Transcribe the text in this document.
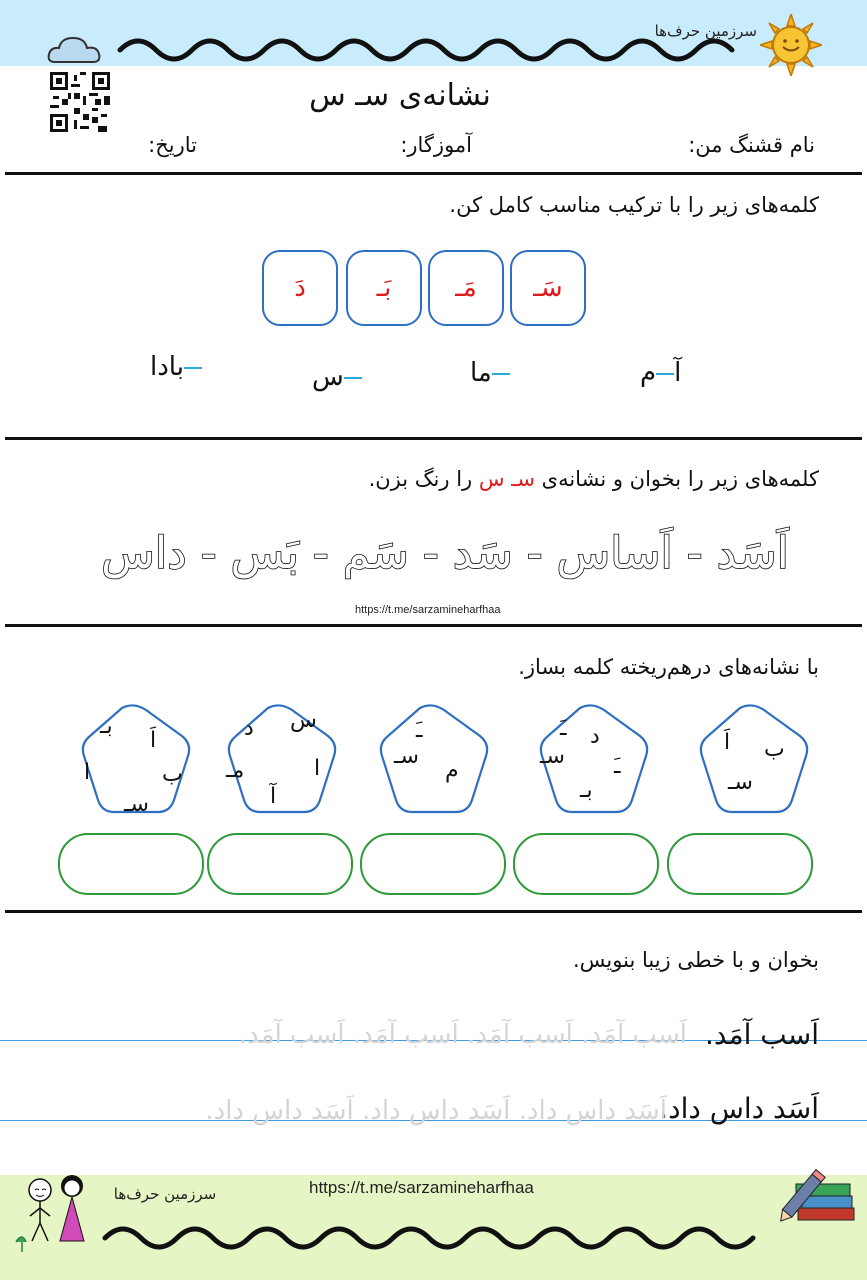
سرزمین حرف‌ها
نشانه‌ی سـ س
نام قشنگ من:
آموزگار:
تاریخ:
کلمه‌های زیر را با ترکیب مناسب کامل کن.
سَـ
مَـ
بَـ
دَ
آم
ما
س
بادا
کلمه‌های زیر را بخوان و نشانه‌ی سـ س را رنگ بزن.
اَسَد - اَساس - سَد - سَم - بَس - داس
https://t.me/sarzamineharfhaa
با نشانه‌های درهم‌ریخته کلمه بساز.
ب
اَ
سـ
د
ـَ
سـ ـَ
بـ
ـَ
سـ
م
س
د
ا
مـ
آ
بـ
اَ
ا	ب
سـ
بخوان و با خطی زیبا بنویس.
اَسب آمَد.
اَسب آمَد. اَسب آمَد. اَسب آمَد. اَسب آمَد.
اَسَد داس داد.
اَسَد داس داد. اَسَد داس داد. اَسَد داس داد.
https://t.me/sarzamineharfhaa
سرزمین حرف‌ها
